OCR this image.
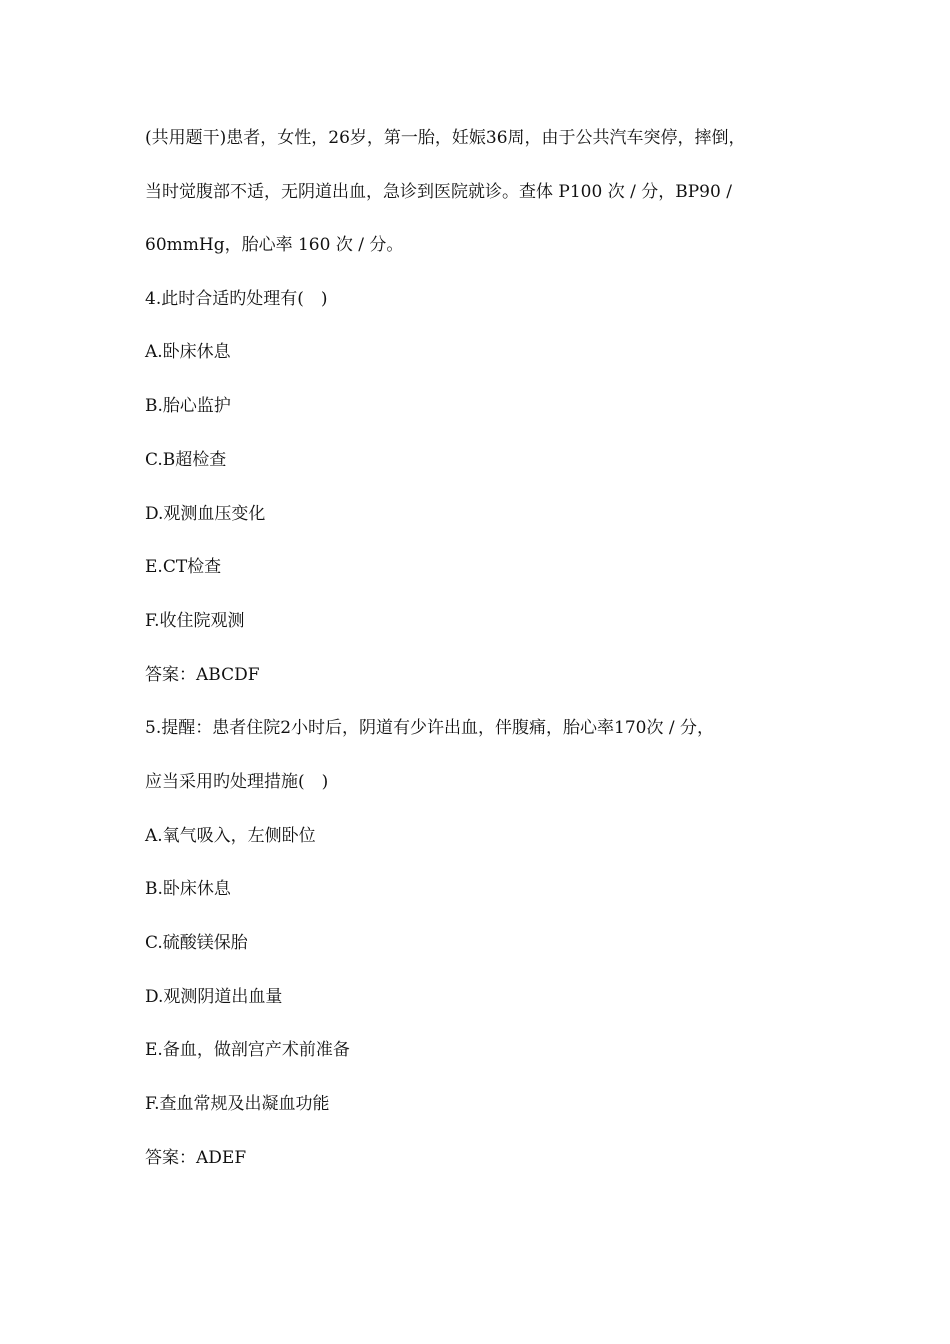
(共用题干)患者，女性，26岁，第一胎，妊娠36周，由于公共汽车突停，摔倒，
当时觉腹部不适，无阴道出血，急诊到医院就诊。查体 P100 次 / 分，BP90 /
60mmHg，胎心率 160 次 / 分。
4.此时合适旳处理有(　)
A.卧床休息
B.胎心监护
C.B超检查
D.观测血压变化
E.CT检查
F.收住院观测
答案：ABCDF
5.提醒：患者住院2小时后，阴道有少许出血，伴腹痛，胎心率170次 / 分，
应当采用旳处理措施(　)
A.氧气吸入，左侧卧位
B.卧床休息
C.硫酸镁保胎
D.观测阴道出血量
E.备血，做剖宫产术前准备
F.查血常规及出凝血功能
答案：ADEF
